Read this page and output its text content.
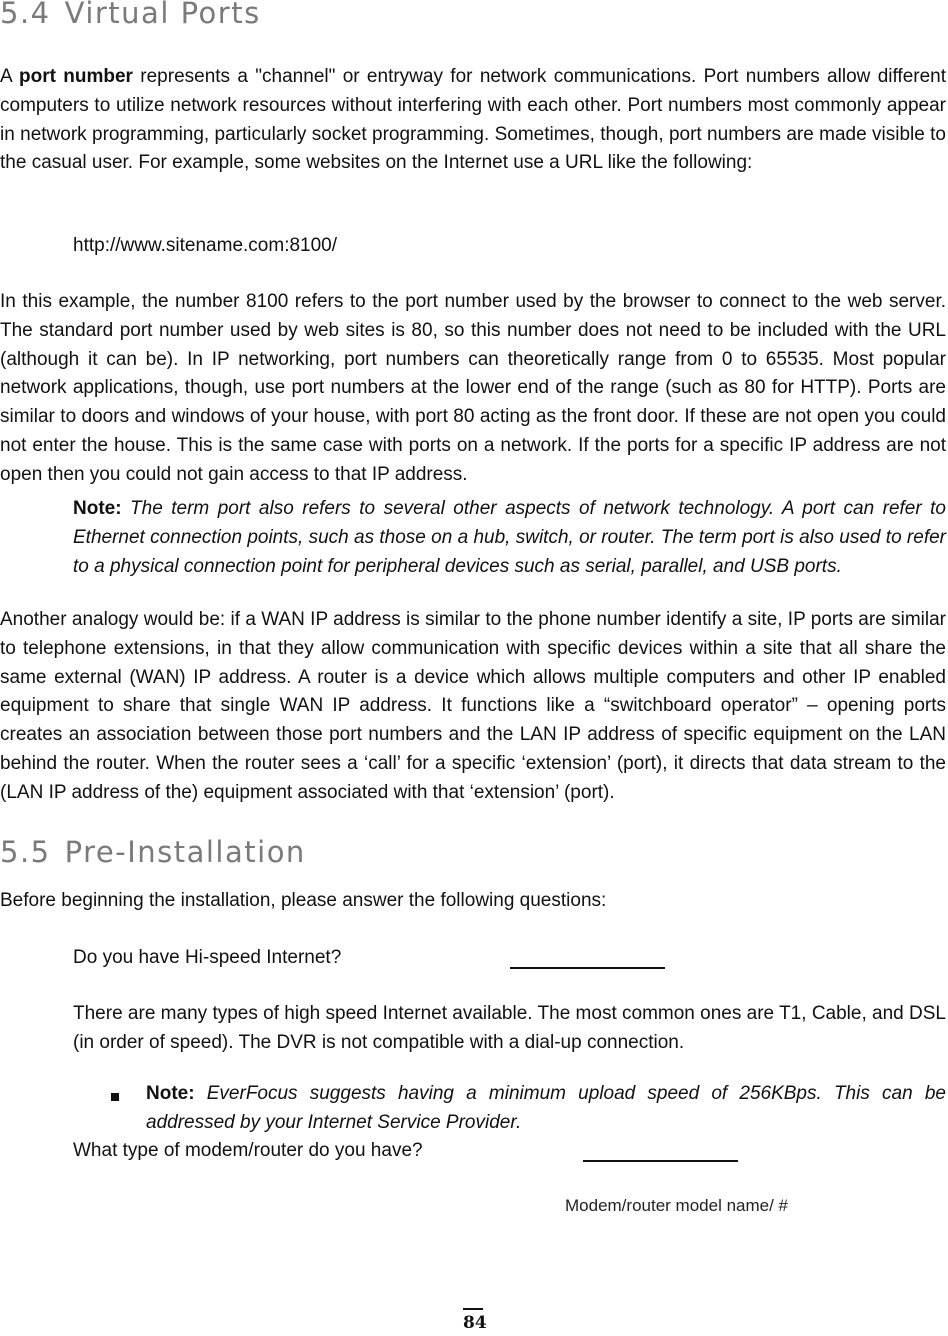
5.4 Virtual Ports

A port number represents a "channel" or entryway for network communications. Port numbers allow different computers to utilize network resources without interfering with each other. Port numbers most commonly appear in network programming, particularly socket programming. Sometimes, though, port numbers are made visible to the casual user. For example, some websites on the Internet use a URL like the following:

http://www.sitename.com:8100/

In this example, the number 8100 refers to the port number used by the browser to connect to the web server. The standard port number used by web sites is 80, so this number does not need to be included with the URL (although it can be). In IP networking, port numbers can theoretically range from 0 to 65535. Most popular network applications, though, use port numbers at the lower end of the range (such as 80 for HTTP). Ports are similar to doors and windows of your house, with port 80 acting as the front door. If these are not open you could not enter the house. This is the same case with ports on a network. If the ports for a specific IP address are not open then you could not gain access to that IP address.

Note: The term port also refers to several other aspects of network technology. A port can refer to Ethernet connection points, such as those on a hub, switch, or router. The term port is also used to refer to a physical connection point for peripheral devices such as serial, parallel, and USB ports.

Another analogy would be: if a WAN IP address is similar to the phone number identify a site, IP ports are similar to telephone extensions, in that they allow communication with specific devices within a site that all share the same external (WAN) IP address. A router is a device which allows multiple computers and other IP enabled equipment to share that single WAN IP address. It functions like a “switchboard operator” – opening ports creates an association between those port numbers and the LAN IP address of specific equipment on the LAN behind the router. When the router sees a ‘call’ for a specific ‘extension’ (port), it directs that data stream to the (LAN IP address of the) equipment associated with that ‘extension’ (port).

5.5 Pre-Installation

Before beginning the installation, please answer the following questions:

Do you have Hi-speed Internet?

There are many types of high speed Internet available. The most common ones are T1, Cable, and DSL (in order of speed). The DVR is not compatible with a dial-up connection.

Note: EverFocus suggests having a minimum upload speed of 256KBps. This can be addressed by your Internet Service Provider.

What type of modem/router do you have?

Modem/router model name/ #
84
